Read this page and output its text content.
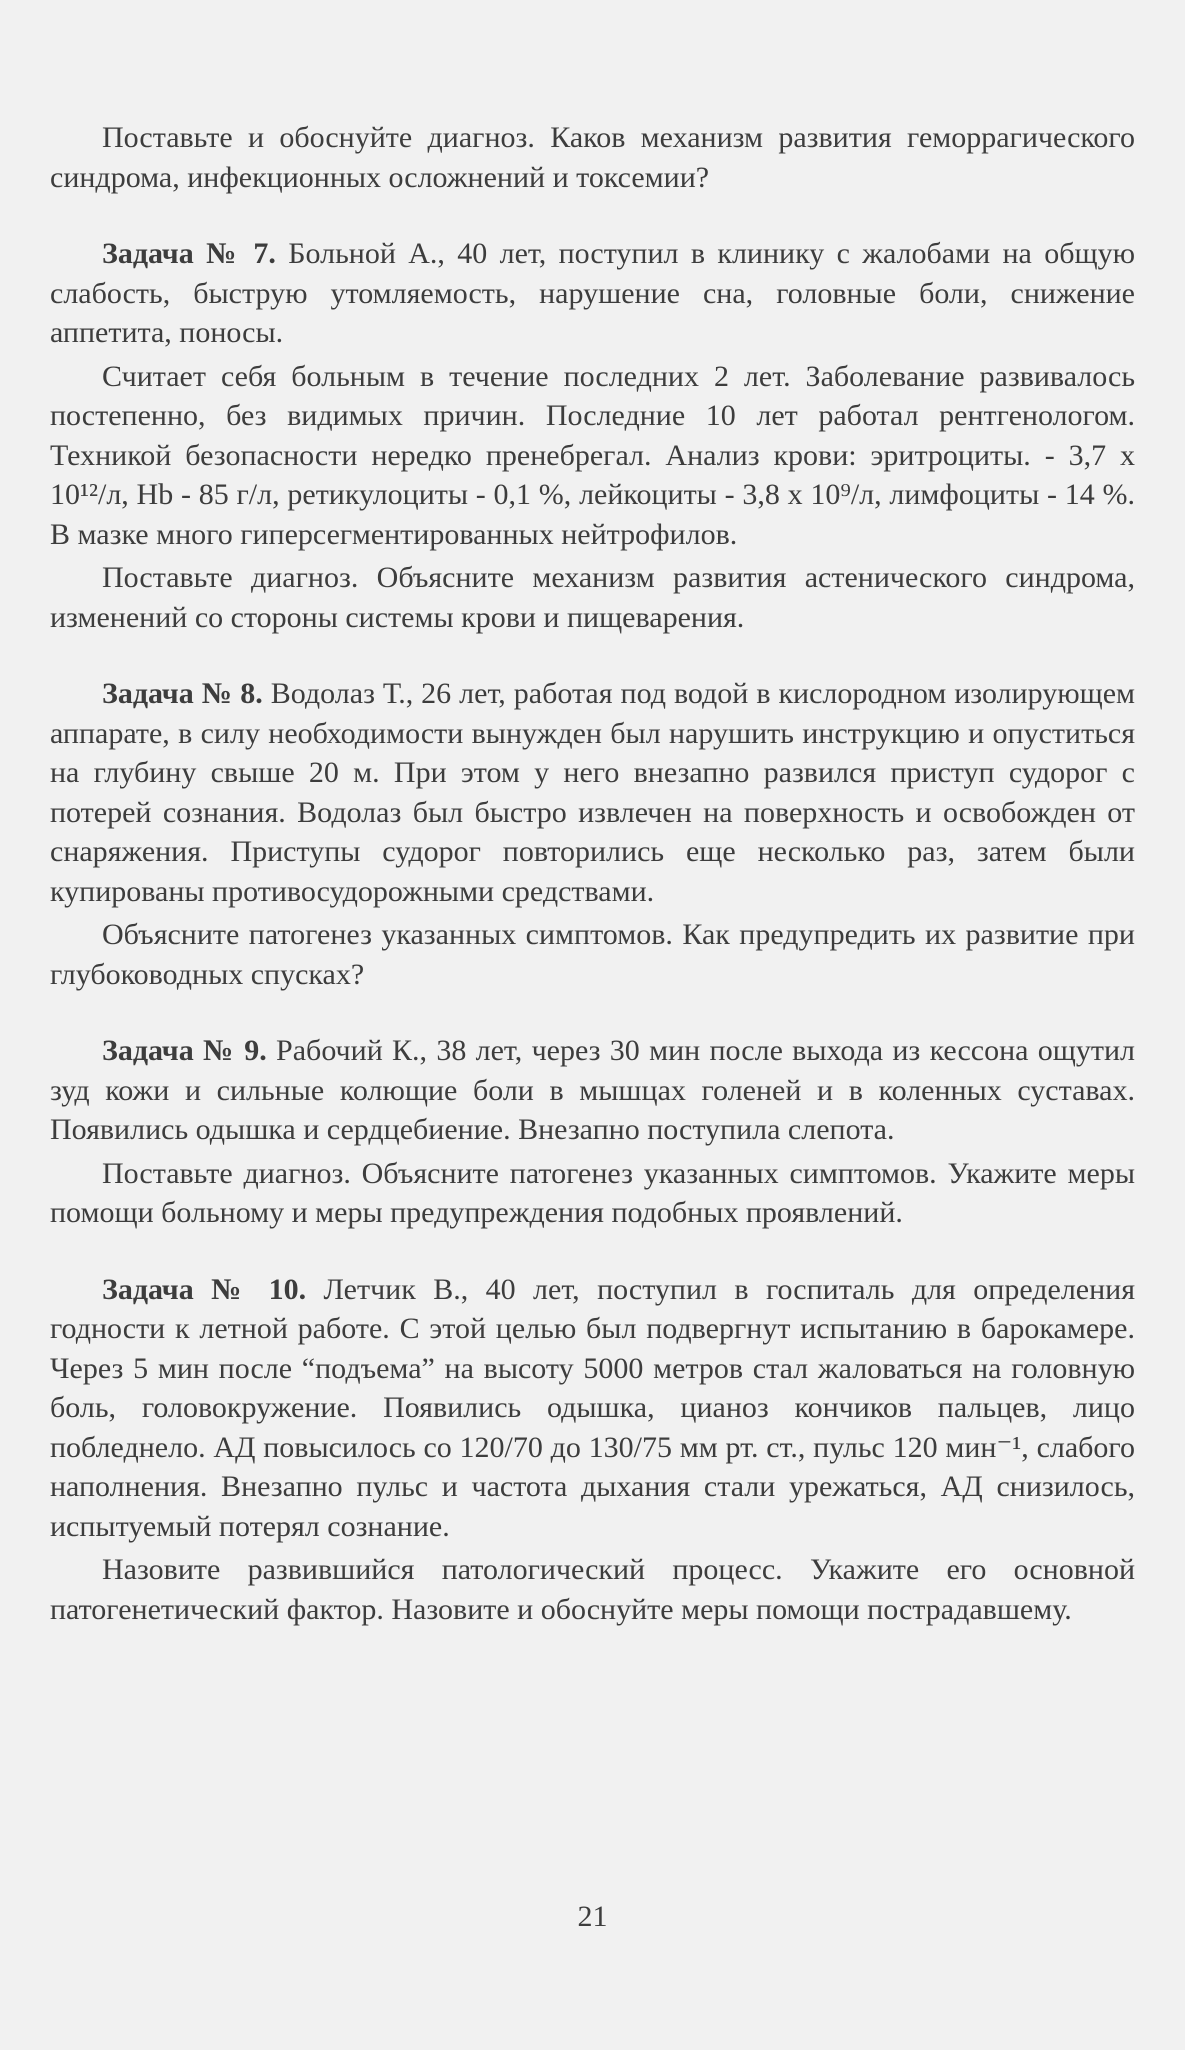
Поставьте и обоснуйте диагноз. Каков механизм развития геморрагического синдрома, инфекционных осложнений и токсемии?

Задача № 7. Больной А., 40 лет, поступил в клинику с жалобами на общую слабость, быструю утомляемость, нарушение сна, головные боли, снижение аппетита, поносы.

Считает себя больным в течение последних 2 лет. Заболевание развивалось постепенно, без видимых причин. Последние 10 лет работал рентгенологом. Техникой безопасности нередко пренебрегал. Анализ крови: эритроциты. - 3,7 х 10¹²/л, Hb - 85 г/л, ретикулоциты - 0,1 %, лейкоциты - 3,8 х 10⁹/л, лимфоциты - 14 %. В мазке много гиперсегментированных нейтрофилов.

Поставьте диагноз. Объясните механизм развития астенического синдрома, изменений со стороны системы крови и пищеварения.

Задача № 8. Водолаз Т., 26 лет, работая под водой в кислородном изолирующем аппарате, в силу необходимости вынужден был нарушить инструкцию и опуститься на глубину свыше 20 м. При этом у него внезапно развился приступ судорог с потерей сознания. Водолаз был быстро извлечен на поверхность и освобожден от снаряжения. Приступы судорог повторились еще несколько раз, затем были купированы противосудорожными средствами.

Объясните патогенез указанных симптомов. Как предупредить их развитие при глубоководных спусках?

Задача № 9. Рабочий К., 38 лет, через 30 мин после выхода из кессона ощутил зуд кожи и сильные колющие боли в мышцах голеней и в коленных суставах. Появились одышка и сердцебиение. Внезапно поступила слепота.

Поставьте диагноз. Объясните патогенез указанных симптомов. Укажите меры помощи больному и меры предупреждения подобных проявлений.

Задача № 10. Летчик В., 40 лет, поступил в госпиталь для определения годности к летной работе. С этой целью был подвергнут испытанию в барокамере. Через 5 мин после “подъема” на высоту 5000 метров стал жаловаться на головную боль, головокружение. Появились одышка, цианоз кончиков пальцев, лицо побледнело. АД повысилось со 120/70 до 130/75 мм рт. ст., пульс 120 мин⁻¹, слабого наполнения. Внезапно пульс и частота дыхания стали урежаться, АД снизилось, испытуемый потерял сознание.

Назовите развившийся патологический процесс. Укажите его основной патогенетический фактор. Назовите и обоснуйте меры помощи пострадавшему.

21
